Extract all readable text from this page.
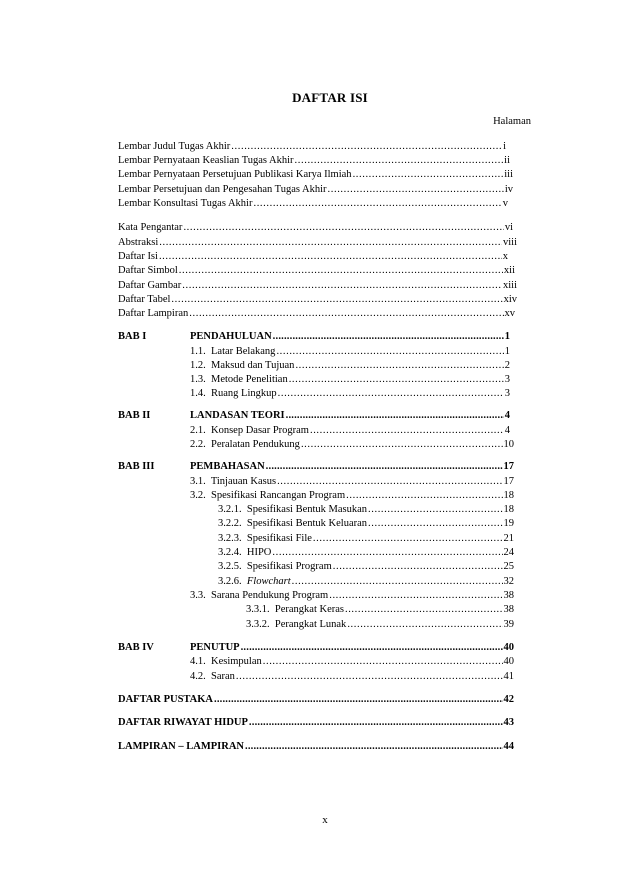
DAFTAR ISI
Halaman
Lembar Judul Tugas Akhir .....	i
Lembar Pernyataan Keaslian Tugas Akhir .....	ii
Lembar Pernyataan Persetujuan Publikasi Karya Ilmiah .....	iii
Lembar Persetujuan dan Pengesahan Tugas Akhir .....	iv
Lembar Konsultasi Tugas Akhir .....	v
Kata Pengantar .....	vi
Abstraksi .....	viii
Daftar Isi .....	x
Daftar Simbol .....	xii
Daftar Gambar .....	xiii
Daftar Tabel .....	xiv
Daftar Lampiran .....	xv
BAB I	PENDAHULUAN .....	1
1.1. Latar Belakang .....	1
1.2. Maksud dan Tujuan .....	2
1.3. Metode Penelitian .....	3
1.4. Ruang Lingkup .....	3
BAB II	LANDASAN TEORI .....	4
2.1. Konsep Dasar Program .....	4
2.2. Peralatan Pendukung .....	10
BAB III	PEMBAHASAN .....	17
3.1. Tinjauan Kasus .....	17
3.2. Spesifikasi Rancangan Program .....	18
3.2.1. Spesifikasi Bentuk Masukan .....	18
3.2.2. Spesifikasi Bentuk Keluaran .....	19
3.2.3. Spesifikasi File .....	21
3.2.4. HIPO .....	24
3.2.5. Spesifikasi Program .....	25
3.2.6. Flowchart .....	32
3.3. Sarana Pendukung Program .....	38
3.3.1. Perangkat Keras .....	38
3.3.2. Perangkat Lunak .....	39
BAB IV	PENUTUP .....	40
4.1. Kesimpulan .....	40
4.2. Saran .....	41
DAFTAR PUSTAKA .....	42
DAFTAR RIWAYAT HIDUP .....	43
LAMPIRAN – LAMPIRAN .....	44
x
